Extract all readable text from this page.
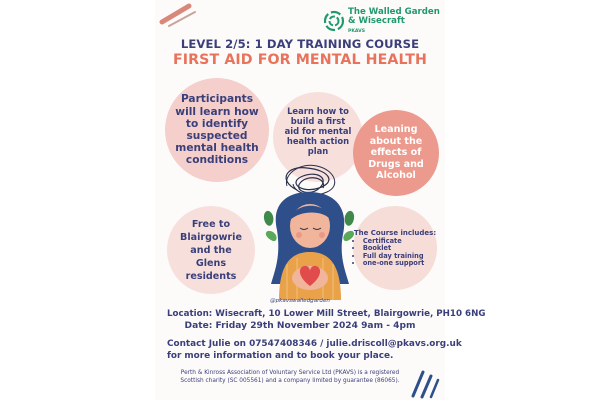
The Walled Garden
& Wisecraft
PKAVS
LEVEL 2/5: 1 DAY TRAINING COURSE
FIRST AID FOR MENTAL HEALTH
Participants will learn how to identify suspected mental health conditions
Learn how to build a first aid for mental health action plan
Leaning about the effects of Drugs and Alcohol
Free to Blairgowrie and the Glens residents
The Course includes:
• Certificate
• Booklet
• Full day training
• one-one support
@pkavswalledgarden
Location: Wisecraft, 10 Lower Mill Street, Blairgowrie, PH10 6NG
Date: Friday 29th November 2024 9am - 4pm
Contact Julie on 07547408346 / julie.driscoll@pkavs.org.uk
for more information and to book your place.
Perth & Kinross Association of Voluntary Service Ltd (PKAVS) is a registered
Scottish charity (SC 005561) and a company limited by guarantee (86065).
